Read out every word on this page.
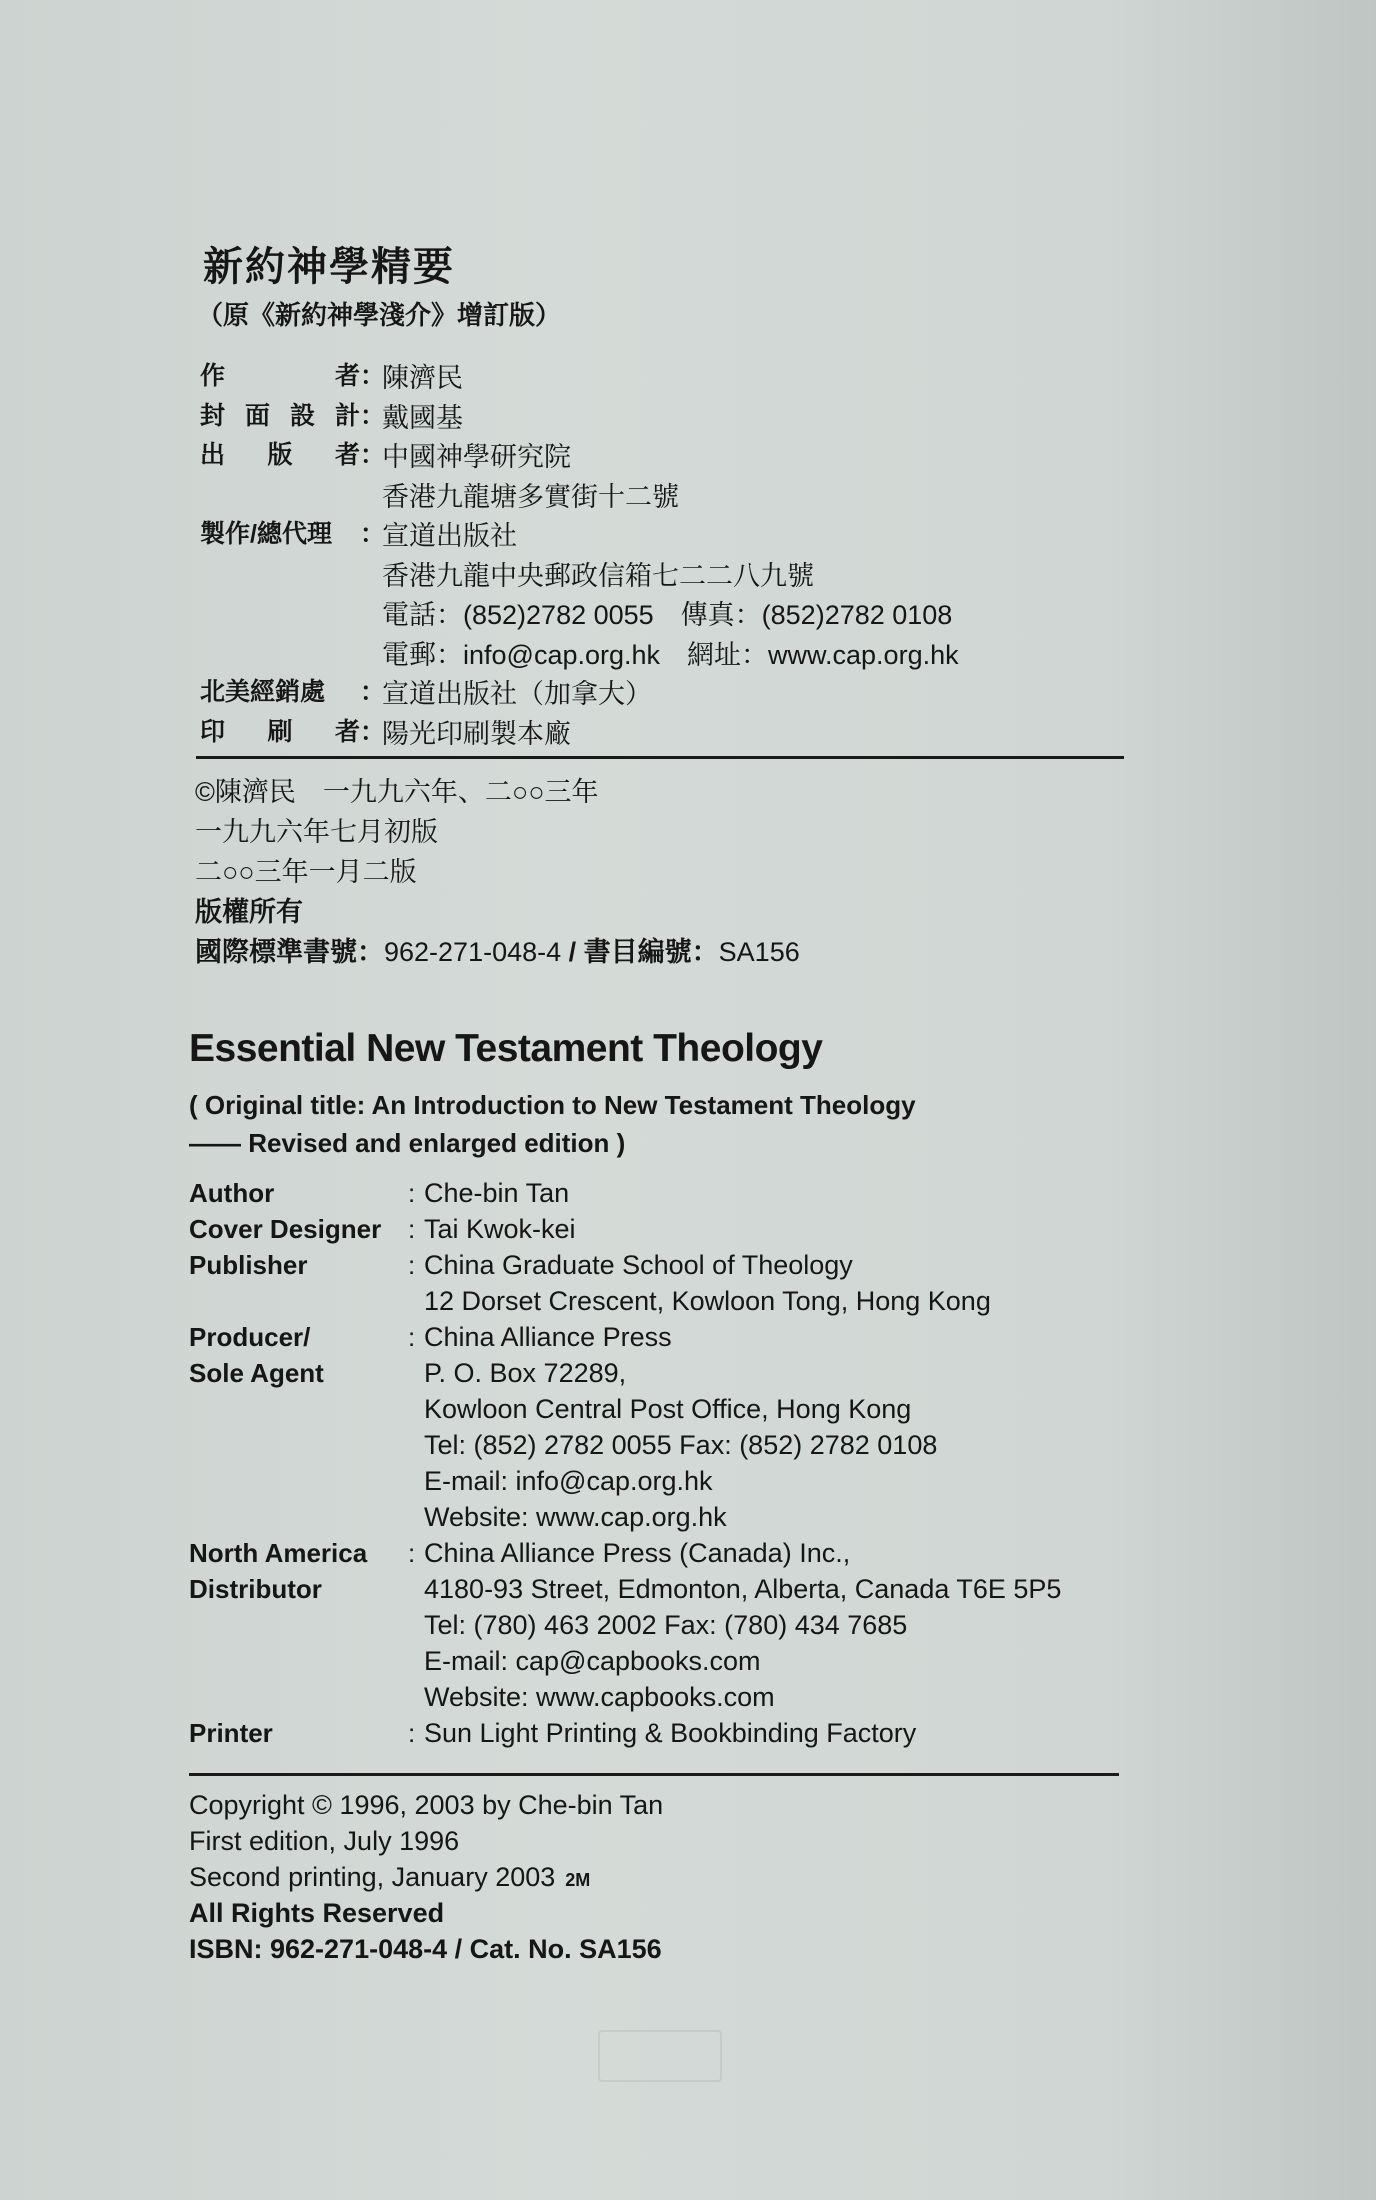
新約神學精要
（原《新約神學淺介》增訂版）
作	者 ：
陳濟民
封 面 設 計 ：
戴國基
出 版 者 ：
中國神學研究院
香港九龍塘多實街十二號
製作/總代理 ：
宣道出版社
香港九龍中央郵政信箱七二二八九號
電話：(852)2782 0055　傳真：(852)2782 0108
電郵：info@cap.org.hk　網址：www.cap.org.hk
北美經銷處 ：
宣道出版社（加拿大）
印 刷 者 ：
陽光印刷製本廠
©陳濟民　一九九六年、二○○三年
一九九六年七月初版
二○○三年一月二版
版權所有
國際標準書號：962-271-048-4 / 書目編號：SA156
Essential New Testament Theology
( Original title: An Introduction to New Testament Theology
—— Revised and enlarged edition )
Author	: Che-bin Tan
Cover Designer	: Tai Kwok-kei
Publisher	: China Graduate School of Theology
12 Dorset Crescent, Kowloon Tong, Hong Kong
Producer/	: China Alliance Press
Sole Agent	P. O. Box 72289,
Kowloon Central Post Office, Hong Kong
Tel: (852) 2782 0055 Fax: (852) 2782 0108
E-mail: info@cap.org.hk
Website: www.cap.org.hk
North America	: China Alliance Press (Canada) Inc.,
Distributor	4180-93 Street, Edmonton, Alberta, Canada T6E 5P5
Tel: (780) 463 2002 Fax: (780) 434 7685
E-mail: cap@capbooks.com
Website: www.capbooks.com
Printer	: Sun Light Printing & Bookbinding Factory
Copyright © 1996, 2003 by Che-bin Tan
First edition, July 1996
Second printing, January 2003 2M
All Rights Reserved
ISBN: 962-271-048-4 / Cat. No. SA156
